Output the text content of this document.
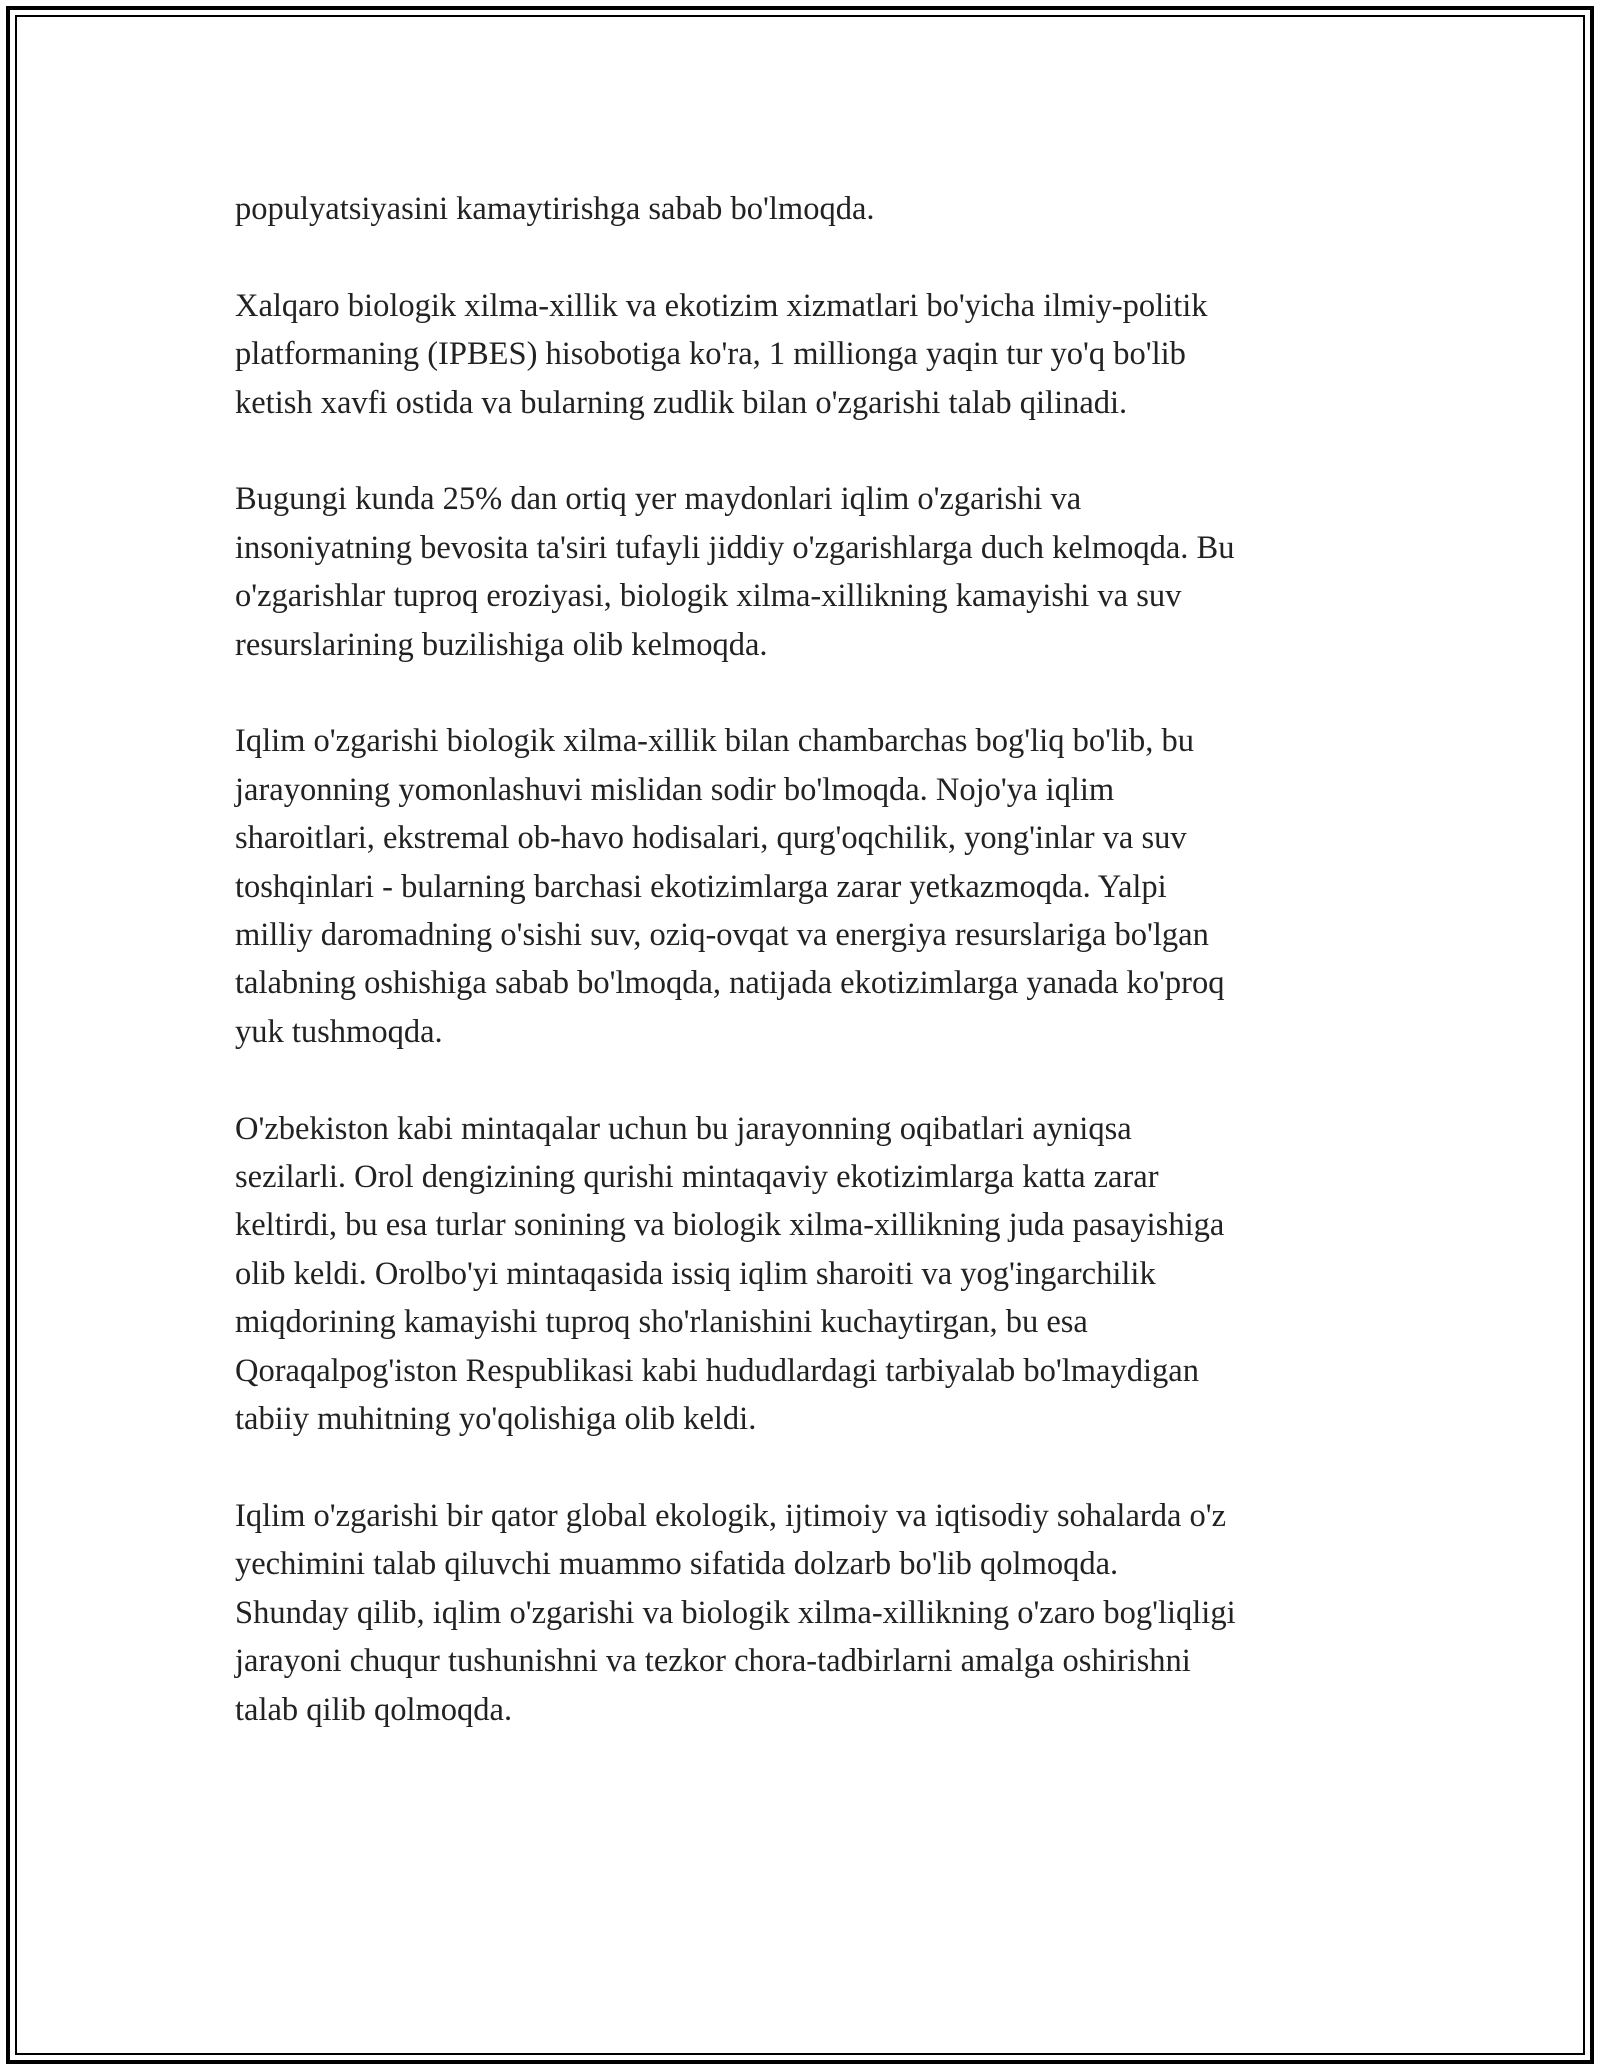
populyatsiyasini kamaytirishga sabab bo'lmoqda.

Xalqaro biologik xilma-xillik va ekotizim xizmatlari bo'yicha ilmiy-politik
platformaning (IPBES) hisobotiga ko'ra, 1 millionga yaqin tur yo'q bo'lib
ketish xavfi ostida va bularning zudlik bilan o'zgarishi talab qilinadi.

Bugungi kunda 25% dan ortiq yer maydonlari iqlim o'zgarishi va
insoniyatning bevosita ta'siri tufayli jiddiy o'zgarishlarga duch kelmoqda. Bu
o'zgarishlar tuproq eroziyasi, biologik xilma-xillikning kamayishi va suv
resurslarining buzilishiga olib kelmoqda.

Iqlim o'zgarishi biologik xilma-xillik bilan chambarchas bog'liq bo'lib, bu
jarayonning yomonlashuvi mislidan sodir bo'lmoqda. Nojo'ya iqlim
sharoitlari, ekstremal ob-havo hodisalari, qurg'oqchilik, yong'inlar va suv
toshqinlari - bularning barchasi ekotizimlarga zarar yetkazmoqda. Yalpi
milliy daromadning o'sishi suv, oziq-ovqat va energiya resurslariga bo'lgan
talabning oshishiga sabab bo'lmoqda, natijada ekotizimlarga yanada ko'proq
yuk tushmoqda.

O'zbekiston kabi mintaqalar uchun bu jarayonning oqibatlari ayniqsa
sezilarli. Orol dengizining qurishi mintaqaviy ekotizimlarga katta zarar
keltirdi, bu esa turlar sonining va biologik xilma-xillikning juda pasayishiga
olib keldi. Orolbo'yi mintaqasida issiq iqlim sharoiti va yog'ingarchilik
miqdorining kamayishi tuproq sho'rlanishini kuchaytirgan, bu esa
Qoraqalpog'iston Respublikasi kabi hududlardagi tarbiyalab bo'lmaydigan
tabiiy muhitning yo'qolishiga olib keldi.

Iqlim o'zgarishi bir qator global ekologik, ijtimoiy va iqtisodiy sohalarda o'z
yechimini talab qiluvchi muammo sifatida dolzarb bo'lib qolmoqda.
Shunday qilib, iqlim o'zgarishi va biologik xilma-xillikning o'zaro bog'liqligi
jarayoni chuqur tushunishni va tezkor chora-tadbirlarni amalga oshirishni
talab qilib qolmoqda.
